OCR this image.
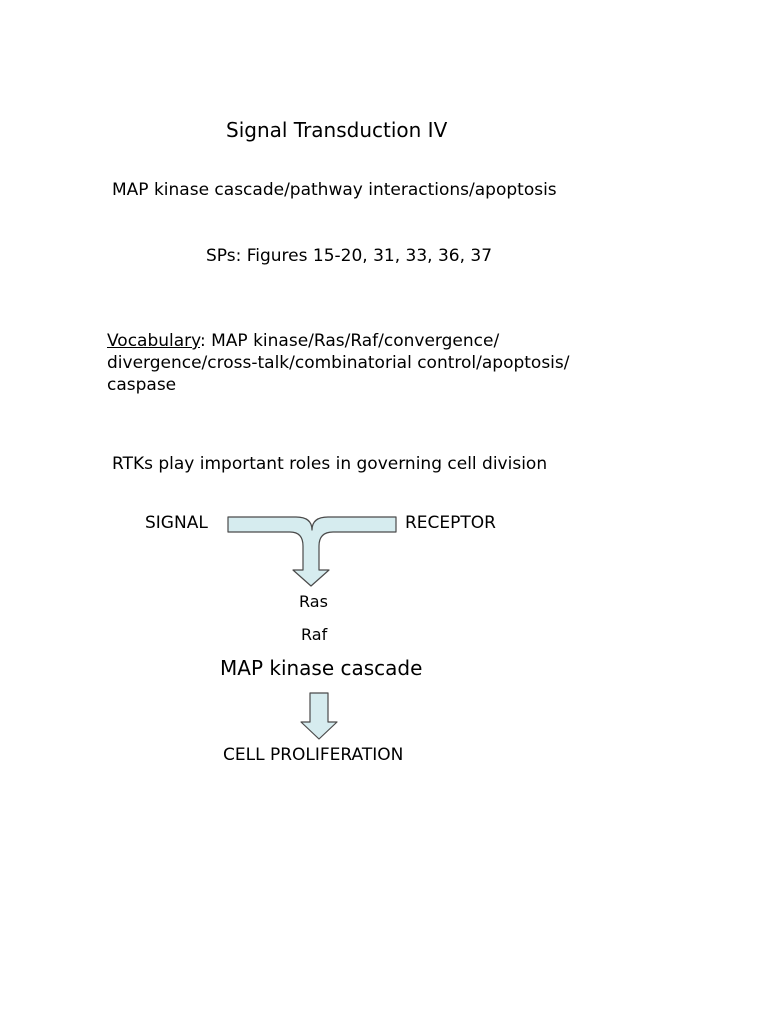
Signal Transduction IV

MAP kinase cascade/pathway interactions/apoptosis

SPs: Figures 15-20, 31, 33, 36, 37

Vocabulary: MAP kinase/Ras/Raf/convergence/ divergence/cross-talk/combinatorial control/apoptosis/ caspase

RTKs play important roles in governing cell division

SIGNAL	RECEPTOR
Ras
Raf
MAP kinase cascade
CELL PROLIFERATION
